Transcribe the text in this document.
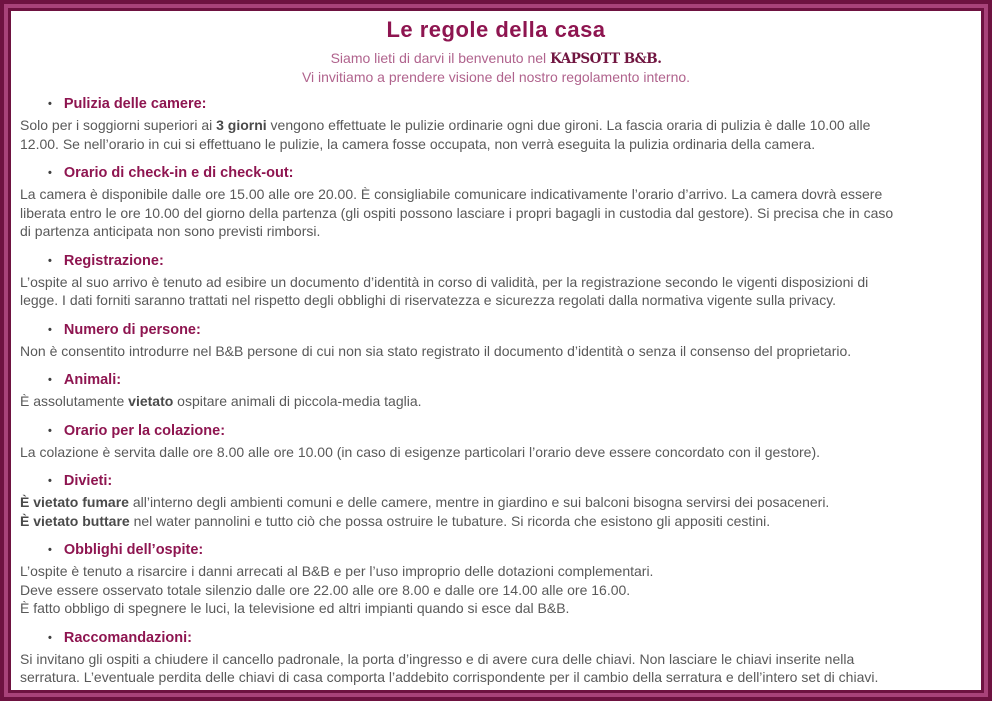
Le regole della casa
Siamo lieti di darvi il benvenuto nel KAPSOTT B&B.
Vi invitiamo a prendere visione del nostro regolamento interno.
• Pulizia delle camere:
Solo per i soggiorni superiori ai 3 giorni vengono effettuate le pulizie ordinarie ogni due gironi. La fascia oraria di pulizia è dalle 10.00 alle
12.00. Se nell’orario in cui si effettuano le pulizie, la camera fosse occupata, non verrà eseguita la pulizia ordinaria della camera.
• Orario di check-in e di check-out:
La camera è disponibile dalle ore 15.00 alle ore 20.00. È consigliabile comunicare indicativamente l’orario d’arrivo. La camera dovrà essere
liberata entro le ore 10.00 del giorno della partenza (gli ospiti possono lasciare i propri bagagli in custodia dal gestore). Si precisa che in caso
di partenza anticipata non sono previsti rimborsi.
• Registrazione:
L’ospite al suo arrivo è tenuto ad esibire un documento d’identità in corso di validità, per la registrazione secondo le vigenti disposizioni di
legge. I dati forniti saranno trattati nel rispetto degli obblighi di riservatezza e sicurezza regolati dalla normativa vigente sulla privacy.
• Numero di persone:
Non è consentito introdurre nel B&B persone di cui non sia stato registrato il documento d’identità o senza il consenso del proprietario.
• Animali:
È assolutamente vietato ospitare animali di piccola-media taglia.
• Orario per la colazione:
La colazione è servita dalle ore 8.00 alle ore 10.00 (in caso di esigenze particolari l’orario deve essere concordato con il gestore).
• Divieti:
È vietato fumare all’interno degli ambienti comuni e delle camere, mentre in giardino e sui balconi bisogna servirsi dei posaceneri.
È vietato buttare nel water pannolini e tutto ciò che possa ostruire le tubature. Si ricorda che esistono gli appositi cestini.
• Obblighi dell’ospite:
L’ospite è tenuto a risarcire i danni arrecati al B&B e per l’uso improprio delle dotazioni complementari.
Deve essere osservato totale silenzio dalle ore 22.00 alle ore 8.00 e dalle ore 14.00 alle ore 16.00.
È fatto obbligo di spegnere le luci, la televisione ed altri impianti quando si esce dal B&B.
• Raccomandazioni:
Si invitano gli ospiti a chiudere il cancello padronale, la porta d’ingresso e di avere cura delle chiavi. Non lasciare le chiavi inserite nella
serratura. L’eventuale perdita delle chiavi di casa comporta l’addebito corrispondente per il cambio della serratura e dell’intero set di chiavi.
